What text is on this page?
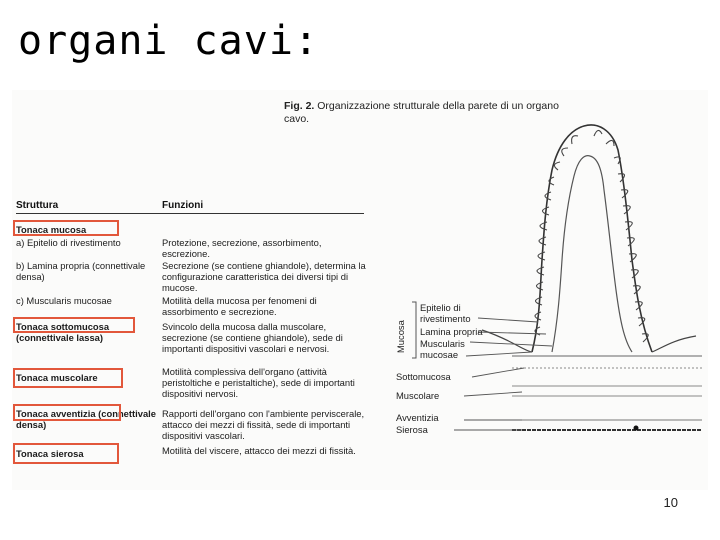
organi cavi:
Fig. 2. Organizzazione strutturale della parete di un organo cavo.
Struttura	Funzioni
Tonaca mucosa
a) Epitelio di rivestimento
b) Lamina propria (connettivale densa)
c) Muscularis mucosae
Tonaca sottomucosa (connettivale lassa)
Tonaca muscolare
Tonaca avventizia (connettivale densa)
Tonaca sierosa
Protezione, secrezione, assorbimento, escrezione.
Secrezione (se contiene ghiandole), determina la configurazione caratteristica dei diversi tipi di mucose.
Motilità della mucosa per fenomeni di assorbimento e secrezione.
Svincolo della mucosa dalla muscolare, secrezione (se contiene ghiandole), sede di importanti dispositivi vascolari e nervosi.
Motilità complessiva dell'organo (attività peristoltiche e peristaltiche), sede di importanti dispositivi nervosi.
Rapporti dell'organo con l'ambiente perviscerale, attacco dei mezzi di fissità, sede di importanti dispositivi vascolari.
Motilità del viscere, attacco dei mezzi di fissità.
Mucosa
Epitelio di rivestimento
Lamina propria
Muscularis mucosae
Sottomucosa
Muscolare
Avventizia
Sierosa
10
